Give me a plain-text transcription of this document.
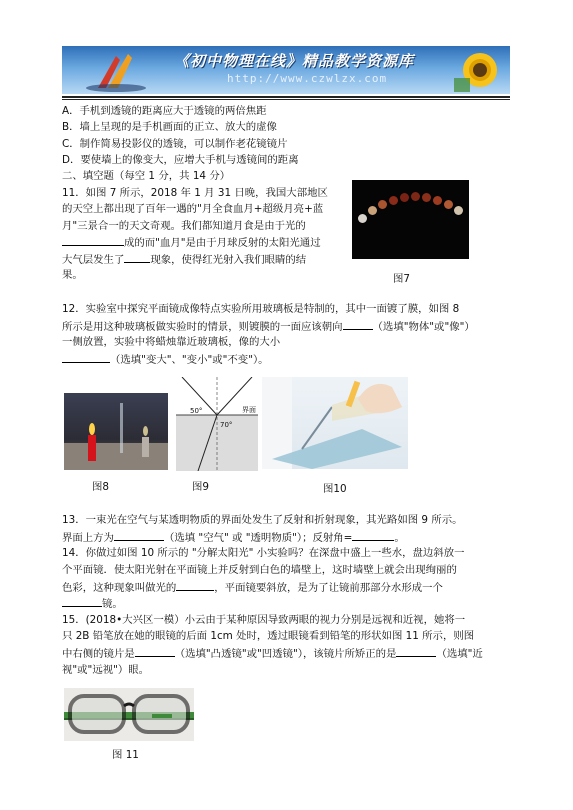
《初中物理在线》精品教学资源库
http://www.czwlzx.com
A．手机到透镜的距离应大于透镜的两倍焦距
B．墙上呈现的是手机画面的正立、放大的虚像
C．制作简易投影仪的透镜，可以制作老花镜镜片
D．要使墙上的像变大，应增大手机与透镜间的距离
二、填空题（每空 1 分，共 14 分）
11．如图 7 所示，2018 年 1 月 31 日晚，我国大部地区
的天空上都出现了百年一遇的"月全食血月+超级月亮+蓝
月"三景合一的天文奇观。我们都知道月食是由于光的
成的而"血月"是由于月球反射的太阳光通过
大气层发生了	现象，使得红光射入我们眼睛的结
果。	图7
12．实验室中探究平面镜成像特点实验所用玻璃板是特制的，其中一面镀了膜，如图 8
所示是用这种玻璃板做实验时的情景，则镀膜的一面应该朝向	（选填"物体"或"像"）
一侧放置，实验中将蜡烛靠近玻璃板，像的大小
（选填"变大"、"变小"或"不变"）。
图8
50°
70°
界面
图9	图10
13．一束光在空气与某透明物质的界面处发生了反射和折射现象，其光路如图 9 所示。
界面上方为	（选填 "空气" 或 "透明物质"）；反射角=	。
14．你做过如图 10 所示的 "分解太阳光" 小实验吗？在深盘中盛上一些水，盘边斜放一
个平面镜．使太阳光射在平面镜上并反射到白色的墙壁上，这时墙壁上就会出现绚丽的
色彩，这种现象叫做光的	，平面镜要斜放，是为了让镜前那部分水形成一个
镜。
15．(2018•大兴区一模）小云由于某种原因导致两眼的视力分别是远视和近视，她将一
只 2B 铅笔放在她的眼镜的后面 1cm 处时，透过眼镜看到铅笔的形状如图 11 所示，则图
中右侧的镜片是	（选填"凸透镜"或"凹透镜"），该镜片所矫正的是	（选填"近
视"或"远视"）眼。
图 11
